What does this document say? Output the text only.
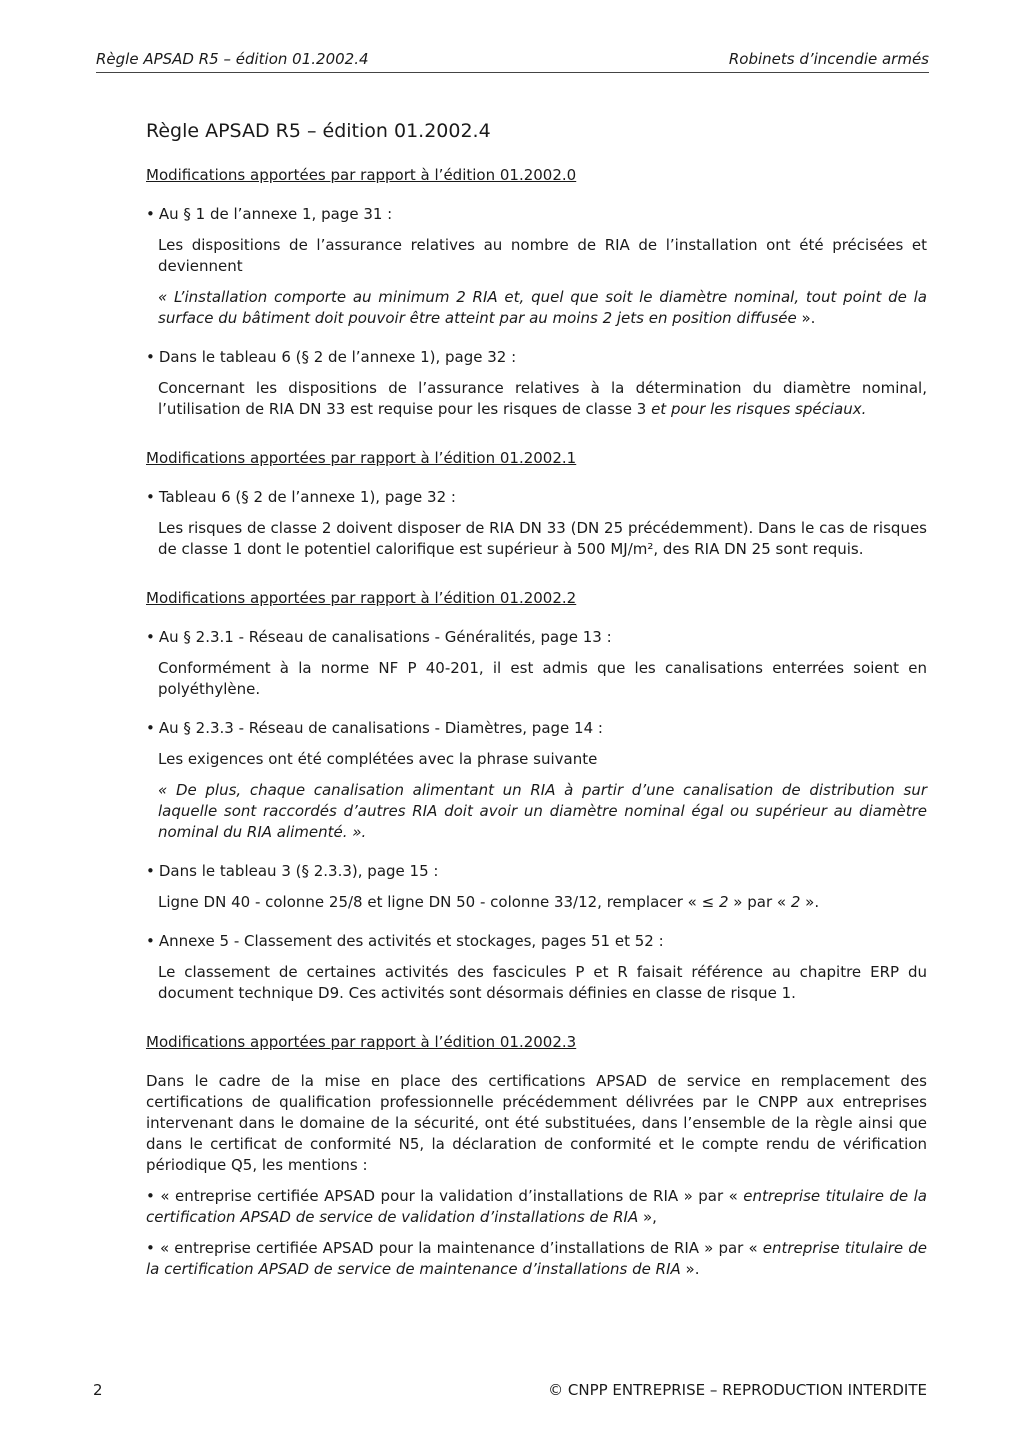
Règle APSAD R5 – édition 01.2002.4	Robinets d’incendie armés
Règle APSAD R5 – édition 01.2002.4
Modifications apportées par rapport à l’édition 01.2002.0
• Au § 1 de l’annexe 1, page 31 :
Les dispositions de l’assurance relatives au nombre de RIA de l’installation ont été précisées et deviennent
« L’installation comporte au minimum 2 RIA et, quel que soit le diamètre nominal, tout point de la surface du bâtiment doit pouvoir être atteint par au moins 2 jets en position diffusée ».
• Dans le tableau 6 (§ 2 de l’annexe 1), page 32 :
Concernant les dispositions de l’assurance relatives à la détermination du diamètre nominal, l’utilisation de RIA DN 33 est requise pour les risques de classe 3 et pour les risques spéciaux.
Modifications apportées par rapport à l’édition 01.2002.1
• Tableau 6 (§ 2 de l’annexe 1), page 32 :
Les risques de classe 2 doivent disposer de RIA DN 33 (DN 25 précédemment). Dans le cas de risques de classe 1 dont le potentiel calorifique est supérieur à 500 MJ/m², des RIA DN 25 sont requis.
Modifications apportées par rapport à l’édition 01.2002.2
• Au § 2.3.1 - Réseau de canalisations - Généralités, page 13 :
Conformément à la norme NF P 40-201, il est admis que les canalisations enterrées soient en polyéthylène.
• Au § 2.3.3 - Réseau de canalisations - Diamètres, page 14 :
Les exigences ont été complétées avec la phrase suivante
« De plus, chaque canalisation alimentant un RIA à partir d’une canalisation de distribution sur laquelle sont raccordés d’autres RIA doit avoir un diamètre nominal égal ou supérieur au diamètre nominal du RIA alimenté. ».
• Dans le tableau 3 (§ 2.3.3), page 15 :
Ligne DN 40 - colonne 25/8 et ligne DN 50 - colonne 33/12, remplacer « ≤ 2 » par « 2 ».
• Annexe 5 - Classement des activités et stockages, pages 51 et 52 :
Le classement de certaines activités des fascicules P et R faisait référence au chapitre ERP du document technique D9. Ces activités sont désormais définies en classe de risque 1.
Modifications apportées par rapport à l’édition 01.2002.3
Dans le cadre de la mise en place des certifications APSAD de service en remplacement des certifications de qualification professionnelle précédemment délivrées par le CNPP aux entreprises intervenant dans le domaine de la sécurité, ont été substituées, dans l’ensemble de la règle ainsi que dans le certificat de conformité N5, la déclaration de conformité et le compte rendu de vérification périodique Q5, les mentions :
• « entreprise certifiée APSAD pour la validation d’installations de RIA » par « entreprise titulaire de la certification APSAD de service de validation d’installations de RIA »,
• « entreprise certifiée APSAD pour la maintenance d’installations de RIA » par « entreprise titulaire de la certification APSAD de service de maintenance d’installations de RIA ».
2	© CNPP ENTREPRISE – REPRODUCTION INTERDITE
